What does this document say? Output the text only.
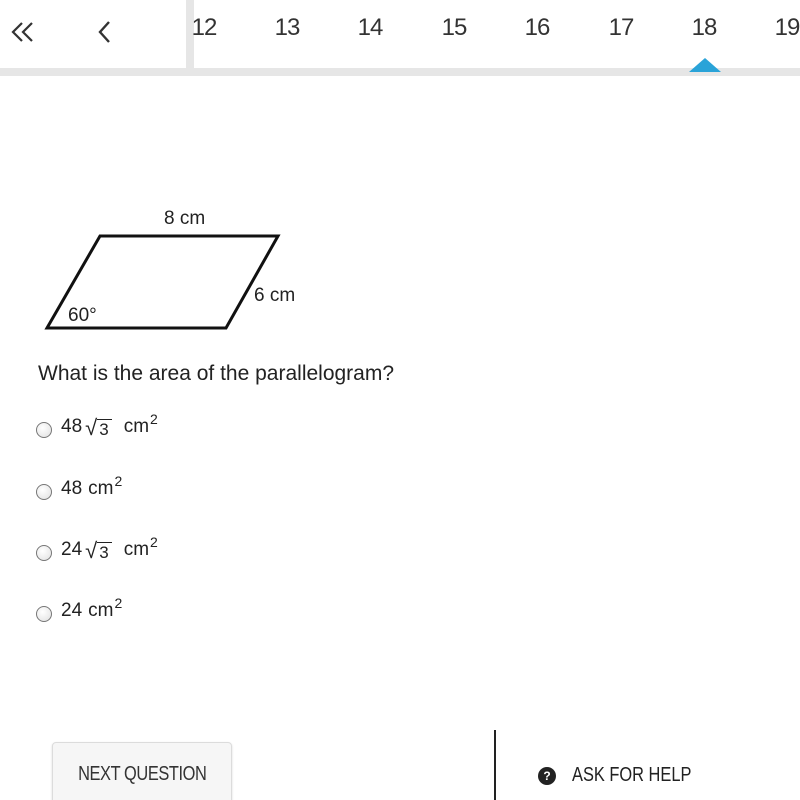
12	13	14	15	16	17	18	19
8 cm
6 cm
60°
What is the area of the parallelogram?
48 √ 3 cm 2
48 cm 2
24 √ 3 cm 2
24 cm 2
NEXT QUESTION	? ASK FOR HELP
